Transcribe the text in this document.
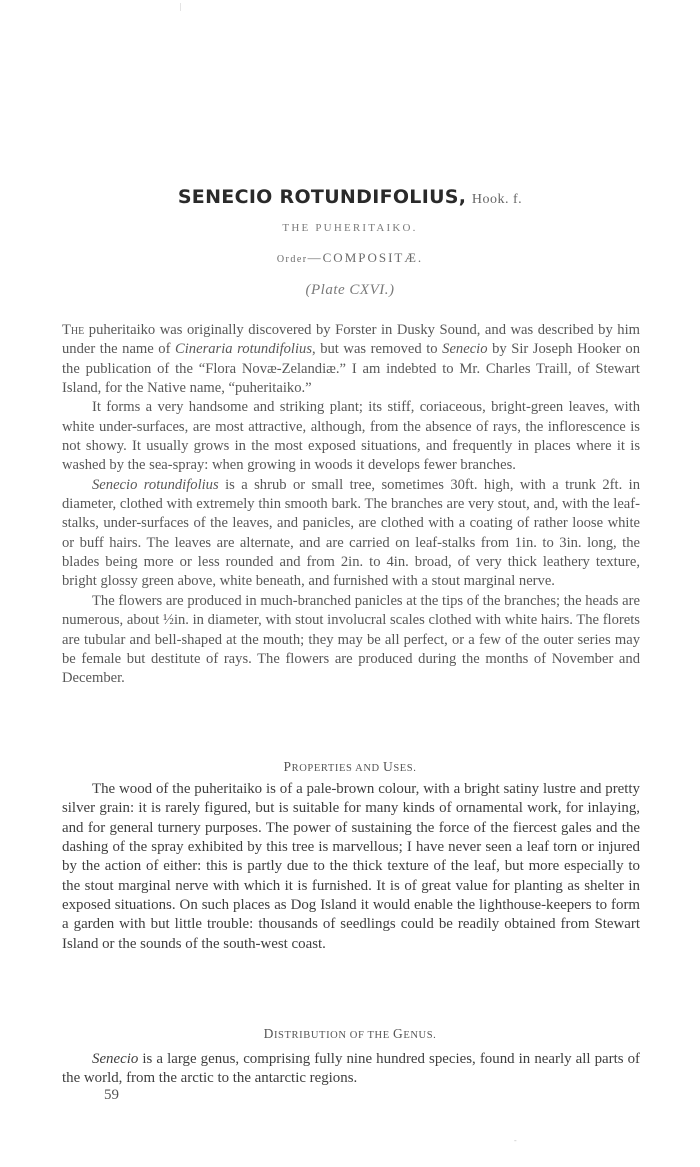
|
-
SENECIO ROTUNDIFOLIUS, Hook. f.
THE PUHERITAIKO.
Order—COMPOSITÆ.
(Plate CXVI.)

The puheritaiko was originally discovered by Forster in Dusky Sound, and was described by him under the name of Cineraria rotundifolius, but was removed to Senecio by Sir Joseph Hooker on the publication of the “Flora Novæ-Zelandiæ.” I am indebted to Mr. Charles Traill, of Stewart Island, for the Native name, “puheritaiko.”

It forms a very handsome and striking plant; its stiff, coriaceous, bright-green leaves, with white under-surfaces, are most attractive, although, from the absence of rays, the inflorescence is not showy. It usually grows in the most exposed situations, and frequently in places where it is washed by the sea-spray: when growing in woods it develops fewer branches.

Senecio rotundifolius is a shrub or small tree, sometimes 30ft. high, with a trunk 2ft. in diameter, clothed with extremely thin smooth bark. The branches are very stout, and, with the leaf-stalks, under-surfaces of the leaves, and panicles, are clothed with a coating of rather loose white or buff hairs. The leaves are alternate, and are carried on leaf-stalks from 1in. to 3in. long, the blades being more or less rounded and from 2in. to 4in. broad, of very thick leathery texture, bright glossy green above, white beneath, and furnished with a stout marginal nerve.

The flowers are produced in much-branched panicles at the tips of the branches; the heads are numerous, about ½in. in diameter, with stout involucral scales clothed with white hairs. The florets are tubular and bell-shaped at the mouth; they may be all perfect, or a few of the outer series may be female but destitute of rays. The flowers are produced during the months of November and December.

PROPERTIES AND USES.

The wood of the puheritaiko is of a pale-brown colour, with a bright satiny lustre and pretty silver grain: it is rarely figured, but is suitable for many kinds of ornamental work, for inlaying, and for general turnery purposes. The power of sustaining the force of the fiercest gales and the dashing of the spray exhibited by this tree is marvellous; I have never seen a leaf torn or injured by the action of either: this is partly due to the thick texture of the leaf, but more especially to the stout marginal nerve with which it is furnished. It is of great value for planting as shelter in exposed situations. On such places as Dog Island it would enable the lighthouse-keepers to form a garden with but little trouble: thousands of seedlings could be readily obtained from Stewart Island or the sounds of the south-west coast.

DISTRIBUTION OF THE GENUS.

Senecio is a large genus, comprising fully nine hundred species, found in nearly all parts of the world, from the arctic to the antarctic regions.

59
